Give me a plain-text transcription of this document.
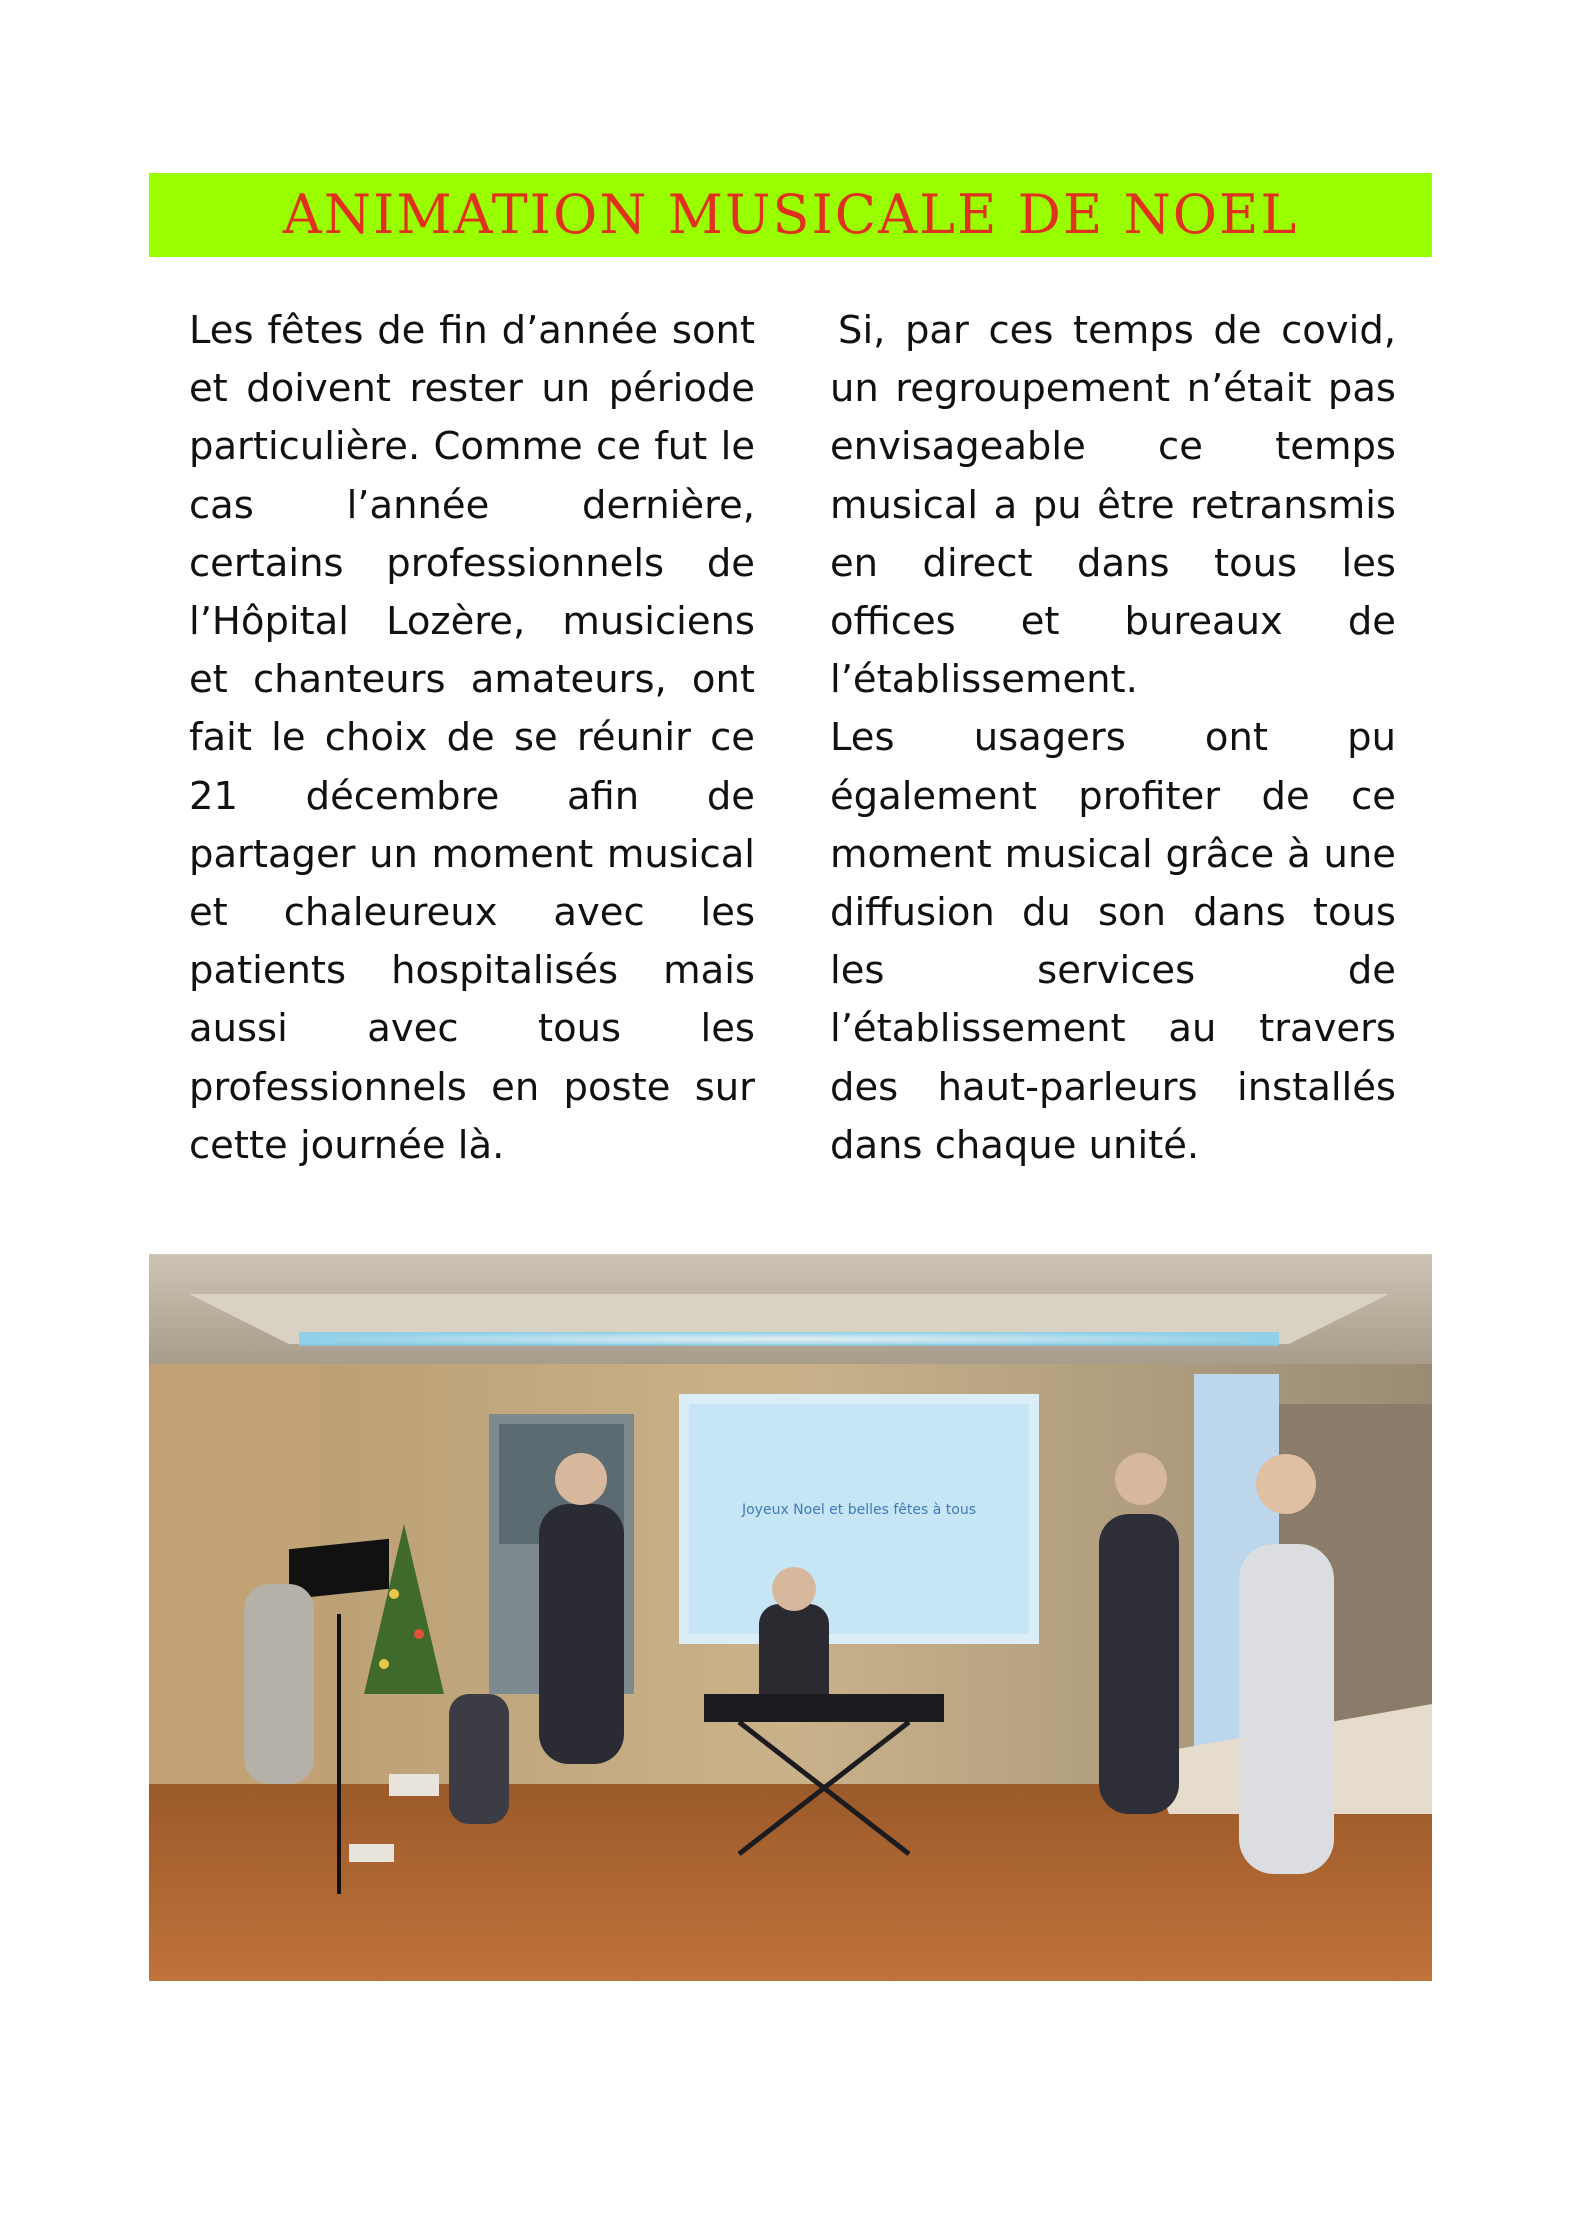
ANIMATION MUSICALE DE NOEL

Les fêtes de fin d’année sont et doivent rester un période particulière. Comme ce fut le cas l’année dernière, certains professionnels de l’Hôpital Lozère, musiciens et chanteurs amateurs, ont fait le choix de se réunir ce 21 décembre afin de partager un moment musical et chaleureux avec les patients hospitalisés mais aussi avec tous les professionnels en poste sur cette journée là.

Si, par ces temps de covid, un regroupement n’était pas envisageable ce temps musical a pu être retransmis en direct dans tous les offices et bureaux de l’établissement.

Les usagers ont pu également profiter de ce moment musical grâce à une diffusion du son dans tous les services de
l’établissement au travers des haut-parleurs installés dans chaque unité.

Joyeux Noel et belles fêtes à tous
